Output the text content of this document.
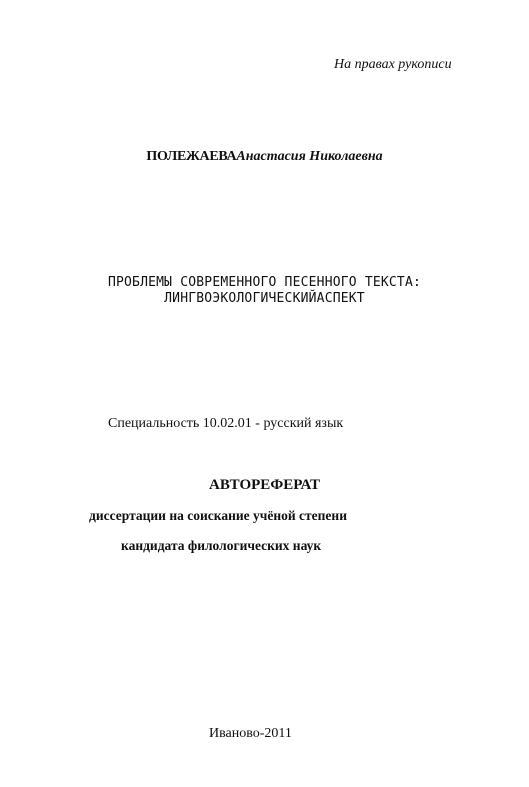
На правах рукописи
ПОЛЕЖАЕВААнастасия Николаевна
ПРОБЛЕМЫ СОВРЕМЕННОГО ПЕСЕННОГО ТЕКСТА:
ЛИНГВОЭКОЛОГИЧЕСКИЙАСПЕКТ
Специальность 10.02.01 - русский язык
АВТОРЕФЕРАТ
диссертации на соискание учёной степени
кандидата филологических наук
Иваново-2011
